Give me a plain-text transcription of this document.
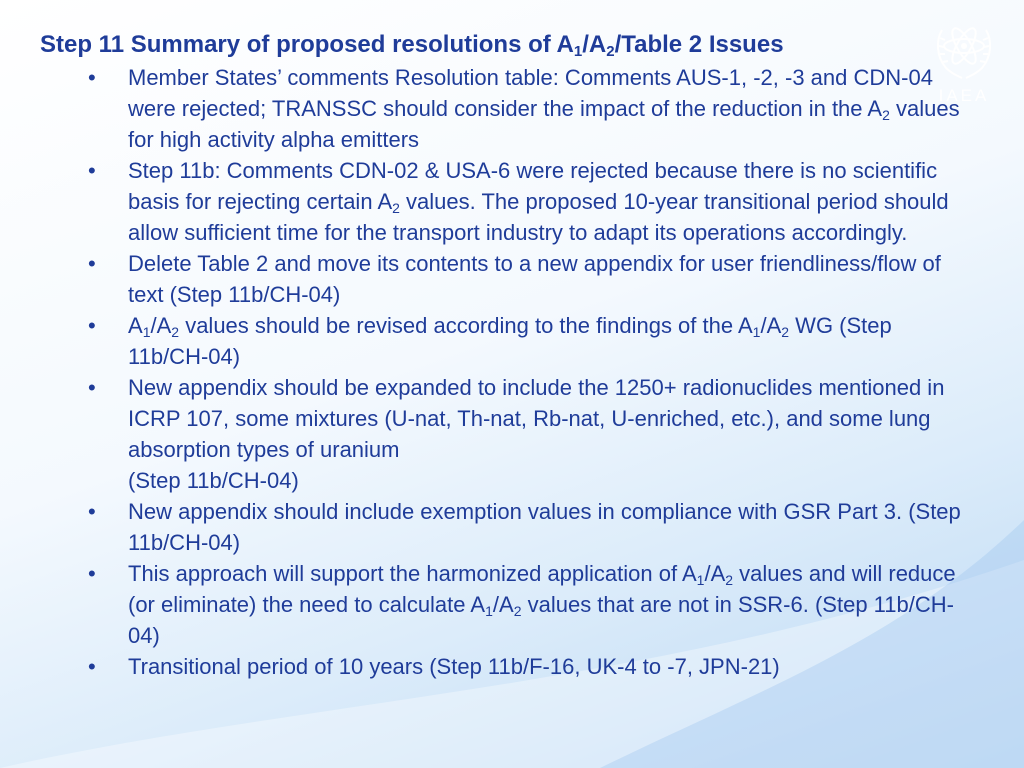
Step 11 Summary of proposed resolutions of $A_1/A_2$/Table 2 Issues
IAEA
• Member States’ comments Resolution table: Comments AUS-1, -2, -3 and CDN-04 were rejected; TRANSSC should consider the impact of the reduction in the $A_2$ values for high activity alpha emitters
• Step 11b: Comments CDN-02 & USA-6 were rejected because there is no scientific basis for rejecting certain $A_2$ values. The proposed 10-year transitional period should allow sufficient time for the transport industry to adapt its operations accordingly.
• Delete Table 2 and move its contents to a new appendix for user friendliness/flow of text (Step 11b/CH-04)
• $A_1/A_2$ values should be revised according to the findings of the $A_1/A_2$ WG (Step 11b/CH-04)
• New appendix should be expanded to include the 1250+ radionuclides mentioned in ICRP 107, some mixtures (U-nat, Th-nat, Rb-nat, U-enriched, etc.), and some lung absorption types of uranium
(Step 11b/CH-04)
• New appendix should include exemption values in compliance with GSR Part 3. (Step 11b/CH-04)
• This approach will support the harmonized application of $A_1/A_2$ values and will reduce (or eliminate) the need to calculate $A_1/A_2$ values that are not in SSR-6. (Step 11b/CH-04)
• Transitional period of 10 years (Step 11b/F-16, UK-4 to -7, JPN-21)
